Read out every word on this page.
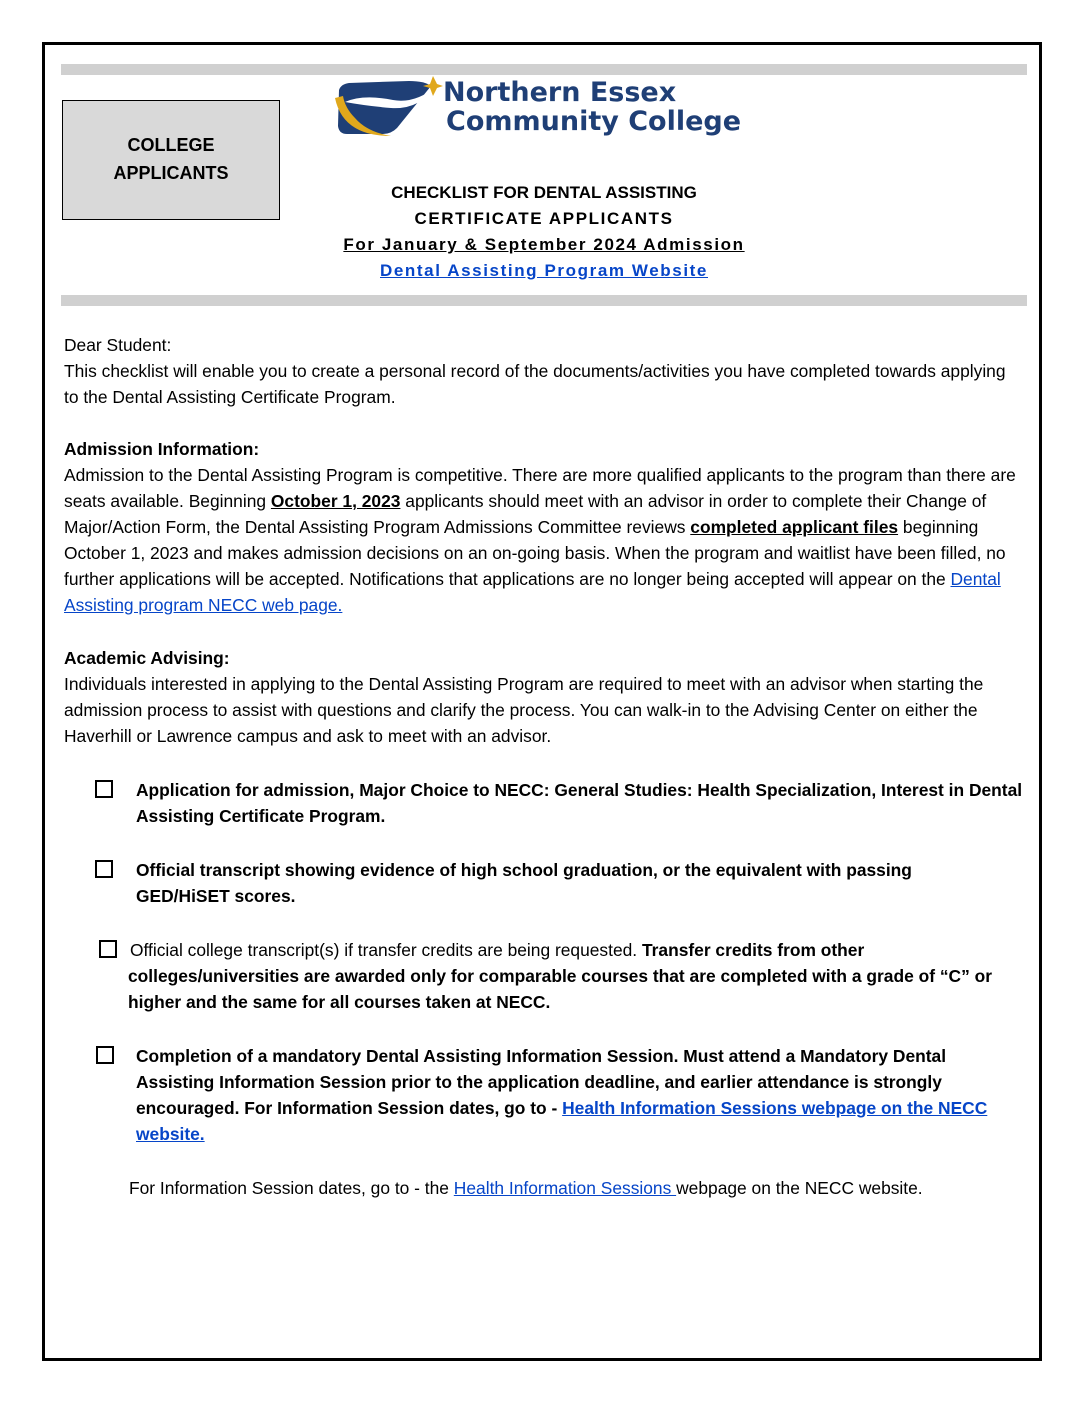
COLLEGE
APPLICANTS
Northern Essex
Community College
CHECKLIST FOR DENTAL ASSISTING
CERTIFICATE APPLICANTS
For January & September 2024 Admission
Dental Assisting Program Website

Dear Student:

This checklist will enable you to create a personal record of the documents/activities you have completed towards applying to the Dental Assisting Certificate Program.

Admission Information:

Admission to the Dental Assisting Program is competitive. There are more qualified applicants to the program than there are seats available. Beginning October 1, 2023 applicants should meet with an advisor in order to complete their Change of Major/Action Form, the Dental Assisting Program Admissions Committee reviews completed applicant files beginning October 1, 2023 and makes admission decisions on an on-going basis. When the program and waitlist have been filled, no further applications will be accepted. Notifications that applications are no longer being accepted will appear on the Dental Assisting program NECC web page.

Academic Advising:

Individuals interested in applying to the Dental Assisting Program are required to meet with an advisor when starting the admission process to assist with questions and clarify the process. You can walk-in to the Advising Center on either the Haverhill or Lawrence campus and ask to meet with an advisor.

Application for admission, Major Choice to NECC: General Studies: Health Specialization, Interest in Dental Assisting Certificate Program.
Official transcript showing evidence of high school graduation, or the equivalent with passing GED/HiSET scores.
Official college transcript(s) if transfer credits are being requested. Transfer credits from other colleges/universities are awarded only for comparable courses that are completed with a grade of “C” or higher and the same for all courses taken at NECC.
Completion of a mandatory Dental Assisting Information Session. Must attend a Mandatory Dental Assisting Information Session prior to the application deadline, and earlier attendance is strongly encouraged. For Information Session dates, go to - Health Information Sessions webpage on the NECC website.
For Information Session dates, go to - the Health Information Sessions webpage on the NECC website.
